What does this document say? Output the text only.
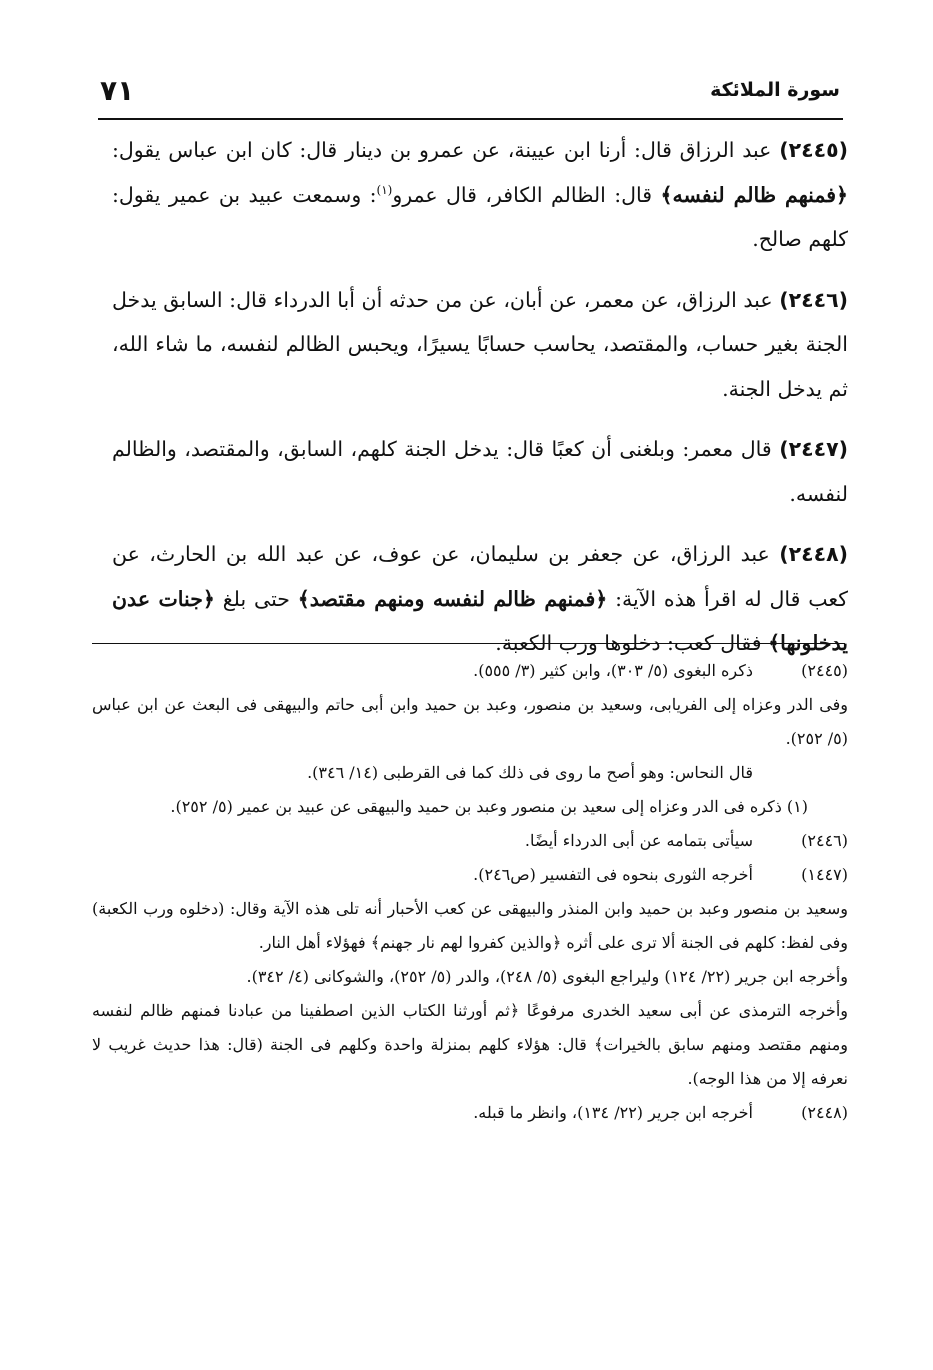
سورة الملائكة
٧١

(٢٤٤٥) عبد الرزاق قال: أرنا ابن عيينة، عن عمرو بن دينار قال: كان ابن عباس يقول: ﴿فمنهم ظالم لنفسه﴾ قال: الظالم الكافر، قال عمرو$^{(١)}$: وسمعت عبيد بن عمير يقول: كلهم صالح.

(٢٤٤٦) عبد الرزاق، عن معمر، عن أبان، عن من حدثه أن أبا الدرداء قال: السابق يدخل الجنة بغير حساب، والمقتصد، يحاسب حسابًا يسيرًا، ويحبس الظالم لنفسه، ما شاء الله، ثم يدخل الجنة.

(٢٤٤٧) قال معمر: وبلغنى أن كعبًا قال: يدخل الجنة كلهم، السابق، والمقتصد، والظالم لنفسه.

(٢٤٤٨) عبد الرزاق، عن جعفر بن سليمان، عن عوف، عن عبد الله بن الحارث، عن كعب قال له اقرأ هذه الآية: ﴿فمنهم ظالم لنفسه ومنهم مقتصد﴾ حتى بلغ ﴿جنات عدن يدخلونها﴾ فقال كعب: دخلوها ورب الكعبة.

(٢٤٤٥)
ذكره البغوى (٥/ ٣٠٣)، وابن كثير (٣/ ٥٥٥).
وفى الدر وعزاه إلى الفريابى، وسعيد بن منصور، وعبد بن حميد وابن أبى حاتم والبيهقى فى البعث عن ابن عباس (٥/ ٢٥٢).
قال النحاس: وهو أصح ما روى فى ذلك كما فى القرطبى (١٤/ ٣٤٦).
(١) ذكره فى الدر وعزاه إلى سعيد بن منصور وعبد بن حميد والبيهقى عن عبيد بن عمير (٥/ ٢٥٢).
(٢٤٤٦)
سيأتى بتمامه عن أبى الدرداء أيضًا.
(١٤٤٧)
أخرجه الثورى بنحوه فى التفسير (ص٢٤٦).
وسعيد بن منصور وعبد بن حميد وابن المنذر والبيهقى عن كعب الأحبار أنه تلى هذه الآية وقال: (دخلوه ورب الكعبة) وفى لفظ: كلهم فى الجنة ألا ترى على أثره ﴿والذين كفروا لهم نار جهنم﴾ فهؤلاء أهل النار.
وأخرجه ابن جرير (٢٢/ ١٢٤) وليراجع البغوى (٥/ ٢٤٨)، والدر (٥/ ٢٥٢)، والشوكانى (٤/ ٣٤٢).
وأخرجه الترمذى عن أبى سعيد الخدرى مرفوعًا ﴿ثم أورثنا الكتاب الذين اصطفينا من عبادنا فمنهم ظالم لنفسه ومنهم مقتصد ومنهم سابق بالخيرات﴾ قال: هؤلاء كلهم بمنزلة واحدة وكلهم فى الجنة (قال: هذا حديث غريب لا نعرفه إلا من هذا الوجه).
(٢٤٤٨)
أخرجه ابن جرير (٢٢/ ١٣٤)، وانظر ما قبله.
